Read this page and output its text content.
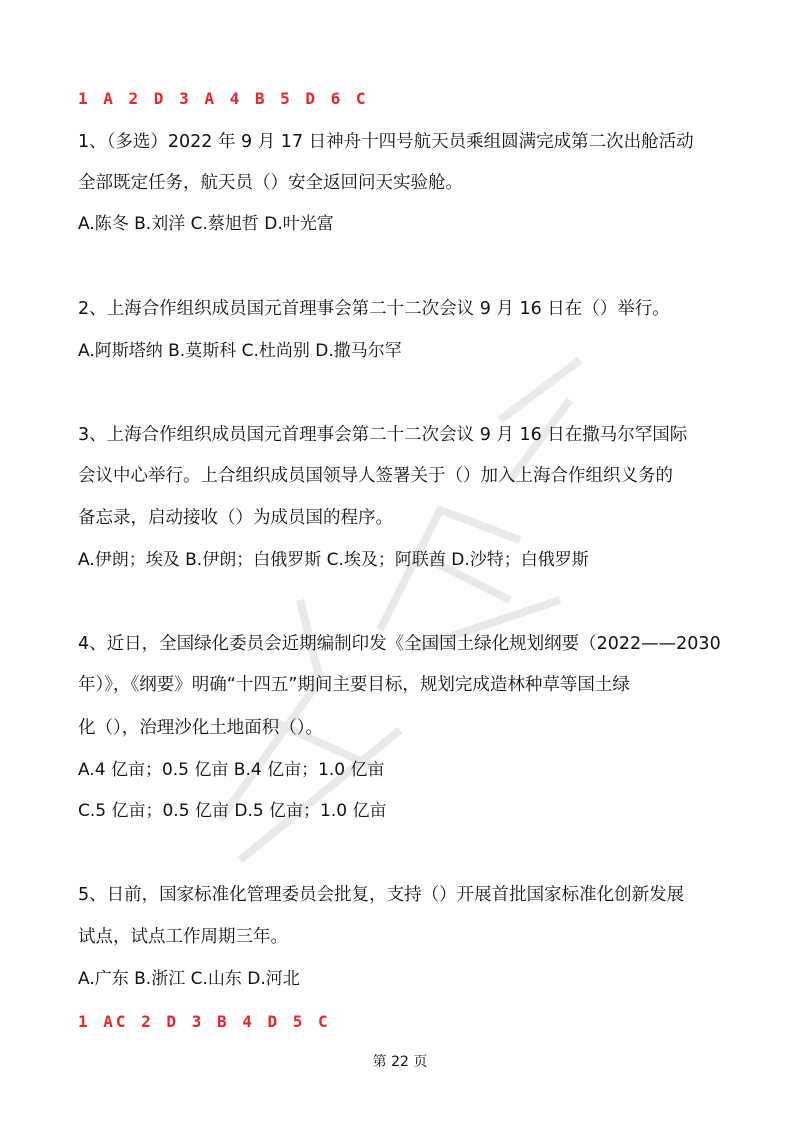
1 A 2 D 3 A 4 B 5 D 6 C
1、（多选）2022 年 9 月 17 日神舟十四号航天员乘组圆满完成第二次出舱活动
全部既定任务，航天员（）安全返回问天实验舱。
A.陈冬 B.刘洋 C.蔡旭哲 D.叶光富
2、上海合作组织成员国元首理事会第二十二次会议 9 月 16 日在（）举行。
A.阿斯塔纳 B.莫斯科 C.杜尚别 D.撒马尔罕
3、上海合作组织成员国元首理事会第二十二次会议 9 月 16 日在撒马尔罕国际
会议中心举行。上合组织成员国领导人签署关于（）加入上海合作组织义务的
备忘录，启动接收（）为成员国的程序。
A.伊朗；埃及 B.伊朗；白俄罗斯 C.埃及；阿联酋 D.沙特；白俄罗斯
4、近日，全国绿化委员会近期编制印发《全国国土绿化规划纲要（2022——2030
年）》，《纲要》明确“十四五”期间主要目标，规划完成造林种草等国土绿
化（），治理沙化土地面积（）。
A.4 亿亩；0.5 亿亩 B.4 亿亩；1.0 亿亩
C.5 亿亩；0.5 亿亩 D.5 亿亩；1.0 亿亩
5、日前，国家标准化管理委员会批复，支持（）开展首批国家标准化创新发展
试点，试点工作周期三年。
A.广东 B.浙江 C.山东 D.河北
1 AC 2 D 3 B 4 D 5 C
第 22 页
